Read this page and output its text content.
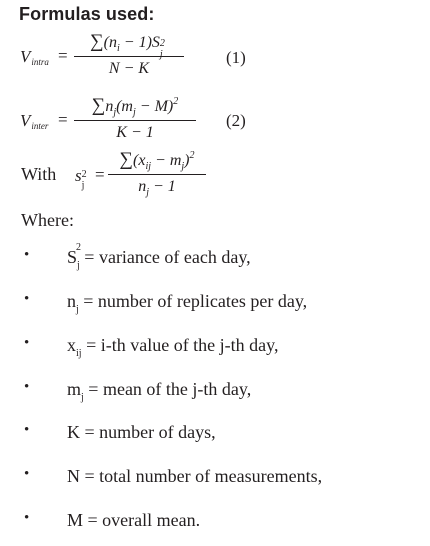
Formulas used:
Vintra =
$\sum(n_i - 1)S$ 2
j
N − K
(1)
Vinter =
$\sum n_j(m_j - M)^2$
K − 1
(2)
With s 2
j
=
$\sum(x_{ij} - m_j)^2$
$n_j - 1$
Where:
• $S_j$
2
= variance of each day,
• $n_j$ = number of replicates per day,
• $x_{ij} = i-th$ value of the j-th day,
• $m_j$ = mean of the j-th day,
• K = number of days,
• N = total number of measurements,
• M = overall mean.
